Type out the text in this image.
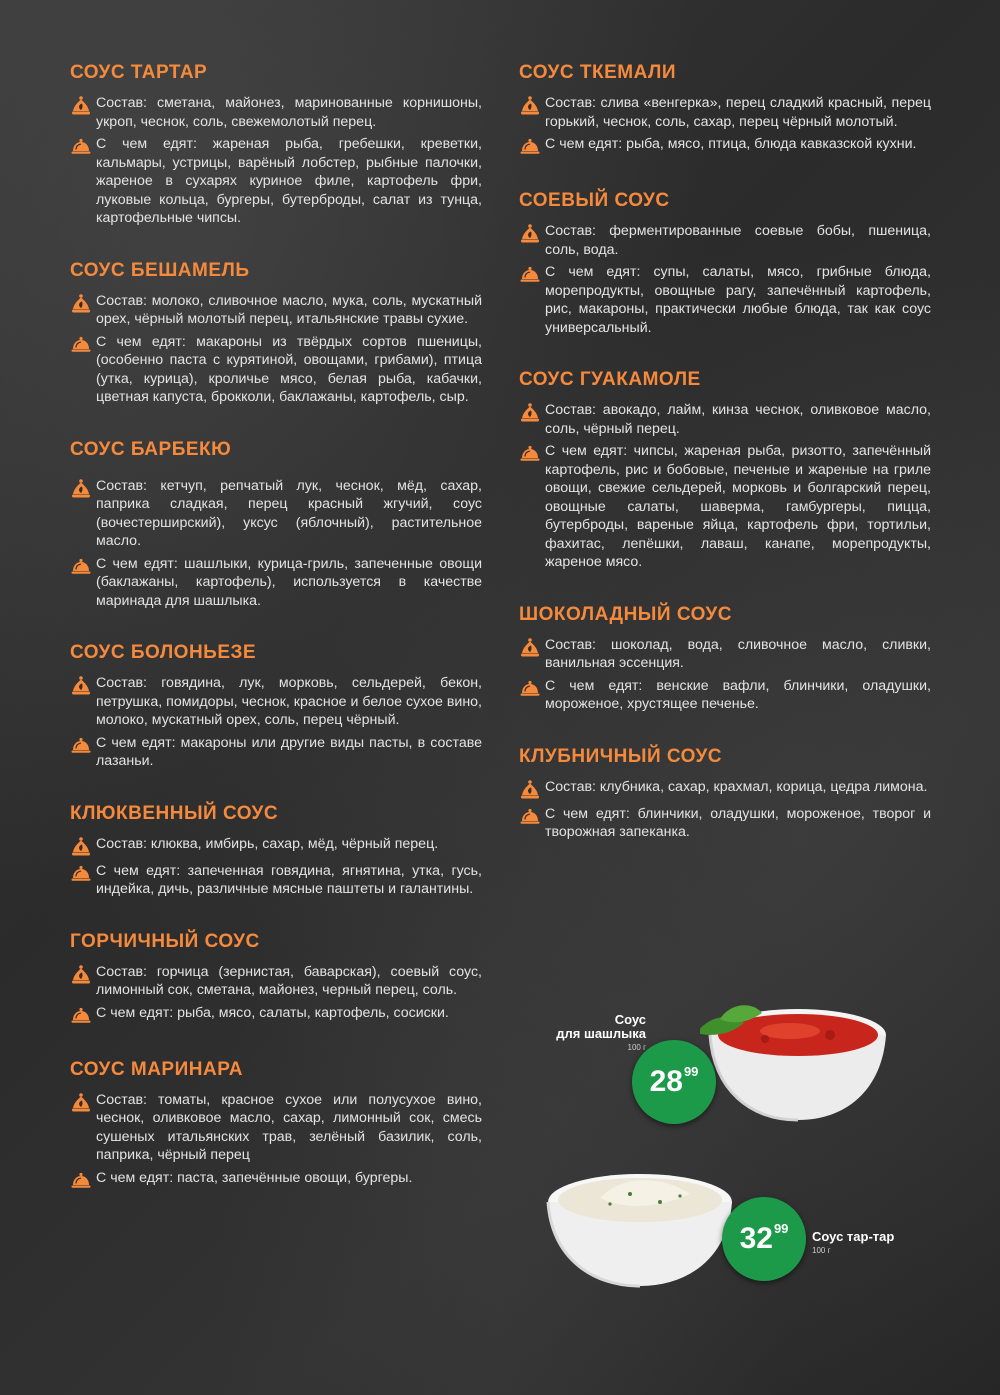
СОУС ТАРТАР
Состав: сметана, майонез, маринованные корнишоны, укроп, чеснок, соль, свежемолотый перец.
С чем едят: жареная рыба, гребешки, креветки, кальмары, устрицы, варёный лобстер, рыбные палочки, жареное в сухарях куриное филе, картофель фри, луковые кольца, бургеры, бутерброды, салат из тунца, картофельные чипсы.
СОУС БЕШАМЕЛЬ
Состав: молоко, сливочное масло, мука, соль, мускатный орех, чёрный молотый перец, итальянские травы сухие.
С чем едят: макароны из твёрдых сортов пшеницы, (особенно паста с курятиной, овощами, грибами), птица (утка, курица), кроличье мясо, белая рыба, кабачки, цветная капуста, брокколи, баклажаны, картофель, сыр.
СОУС БАРБЕКЮ
Состав: кетчуп, репчатый лук, чеснок, мёд, сахар, паприка сладкая, перец красный жгучий, соус (вочестерширский), уксус (яблочный), растительное масло.
С чем едят: шашлыки, курица-гриль, запеченные овощи (баклажаны, картофель), используется в качестве маринада для шашлыка.
СОУС БОЛОНЬЕЗЕ
Состав: говядина, лук, морковь, сельдерей, бекон, петрушка, помидоры, чеснок, красное и белое сухое вино, молоко, мускатный орех, соль, перец чёрный.
С чем едят: макароны или другие виды пасты, в составе лазаньи.
КЛЮКВЕННЫЙ СОУС
Состав: клюква, имбирь, сахар, мёд, чёрный перец.
С чем едят: запеченная говядина, ягнятина, утка, гусь, индейка, дичь, различные мясные паштеты и галантины.
ГОРЧИЧНЫЙ СОУС
Состав: горчица (зернистая, баварская), соевый соус, лимонный сок, сметана, майонез, черный перец, соль.
С чем едят: рыба, мясо, салаты, картофель, сосиски.
СОУС МАРИНАРА
Состав: томаты, красное сухое или полусухое вино, чеснок, оливковое масло, сахар, лимонный сок, смесь сушеных итальянских трав, зелёный базилик, соль, паприка, чёрный перец
С чем едят: паста, запечённые овощи, бургеры.
СОУС ТКЕМАЛИ
Состав: слива «венгерка», перец сладкий красный, перец горький, чеснок, соль, сахар, перец чёрный молотый.
С чем едят: рыба, мясо, птица, блюда кавказской кухни.
СОЕВЫЙ СОУС
Состав: ферментированные соевые бобы, пшеница, соль, вода.
С чем едят: супы, салаты, мясо, грибные блюда, морепродукты, овощные рагу, запечённый картофель, рис, макароны, практически любые блюда, так как соус универсальный.
СОУС ГУАКАМОЛЕ
Состав: авокадо, лайм, кинза чеснок, оливковое масло, соль, чёрный перец.
С чем едят: чипсы, жареная рыба, ризотто, запечённый картофель, рис и бобовые, печеные и жареные на гриле овощи, свежие сельдерей, морковь и болгарский перец, овощные салаты, шаверма, гамбургеры, пицца, бутерброды, вареные яйца, картофель фри, тортильи, фахитас, лепёшки, лаваш, канапе, морепродукты, жареное мясо.
ШОКОЛАДНЫЙ СОУС
Состав: шоколад, вода, сливочное масло, сливки, ванильная эссенция.
С чем едят: венские вафли, блинчики, оладушки, мороженое, хрустящее печенье.
КЛУБНИЧНЫЙ СОУС
Состав: клубника, сахар, крахмал, корица, цедра лимона.
С чем едят: блинчики, оладушки, мороженое, творог и творожная запеканка.
28 99
Соус
для шашлыка
100 г
32 99
Соус тар-тар
100 г
